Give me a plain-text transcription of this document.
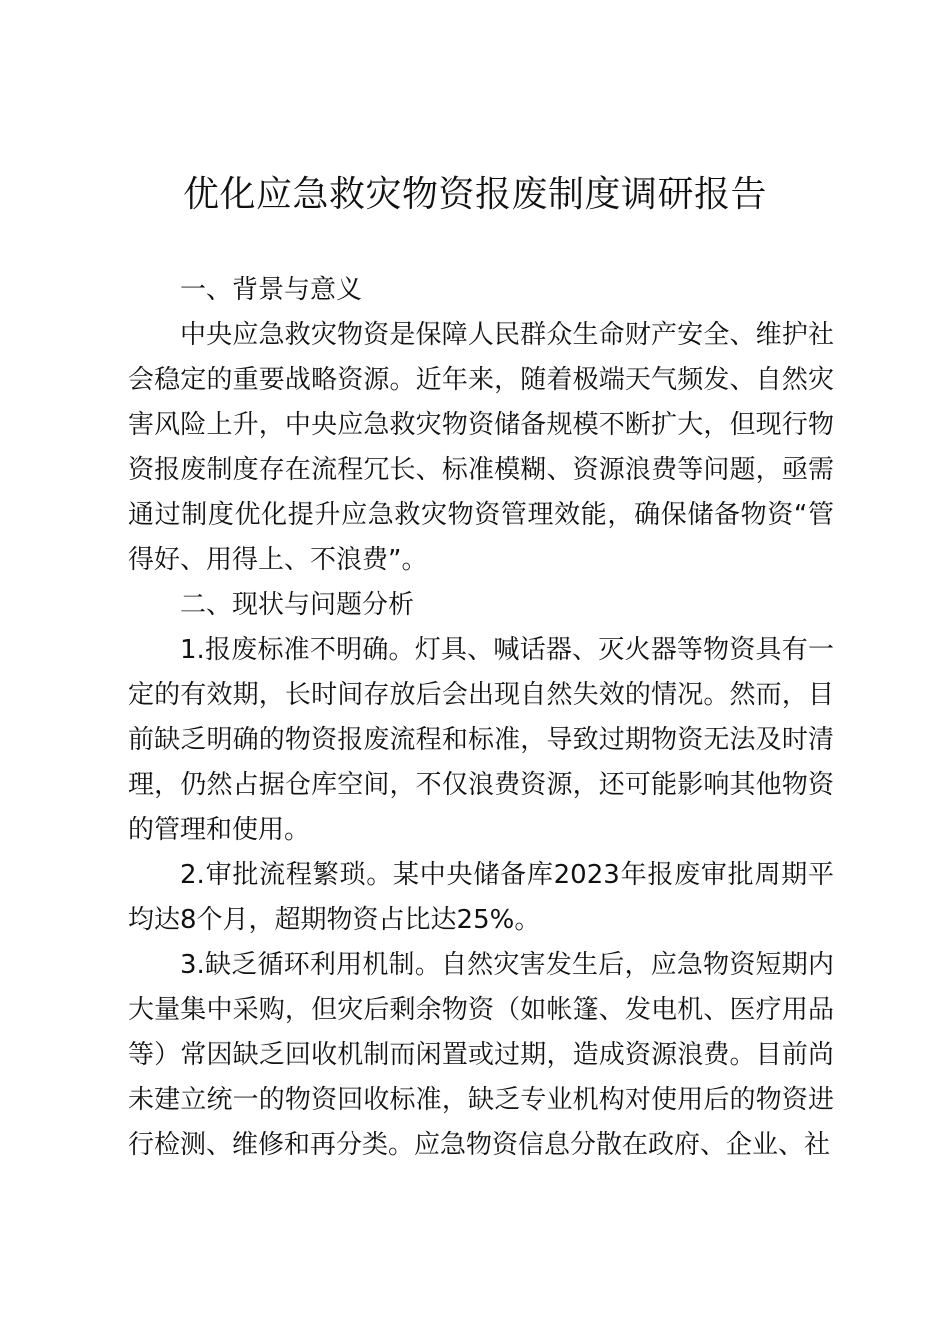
优化应急救灾物资报废制度调研报告

一、背景与意义

中央应急救灾物资是保障人民群众生命财产安全、维护社会稳定的重要战略资源。近年来，随着极端天气频发、自然灾害风险上升，中央应急救灾物资储备规模不断扩大，但现行物资报废制度存在流程冗长、标准模糊、资源浪费等问题，亟需通过制度优化提升应急救灾物资管理效能，确保储备物资“管得好、用得上、不浪费”。

二、现状与问题分析

1.报废标准不明确。灯具、喊话器、灭火器等物资具有一定的有效期，长时间存放后会出现自然失效的情况。然而，目前缺乏明确的物资报废流程和标准，导致过期物资无法及时清理，仍然占据仓库空间，不仅浪费资源，还可能影响其他物资的管理和使用。

2.审批流程繁琐。某中央储备库2023年报废审批周期平均达8个月，超期物资占比达25%。

3.缺乏循环利用机制。自然灾害发生后，应急物资短期内大量集中采购，但灾后剩余物资（如帐篷、发电机、医疗用品等）常因缺乏回收机制而闲置或过期，造成资源浪费。目前尚未建立统一的物资回收标准，缺乏专业机构对使用后的物资进行检测、维修和再分类。应急物资信息分散在政府、企业、社
